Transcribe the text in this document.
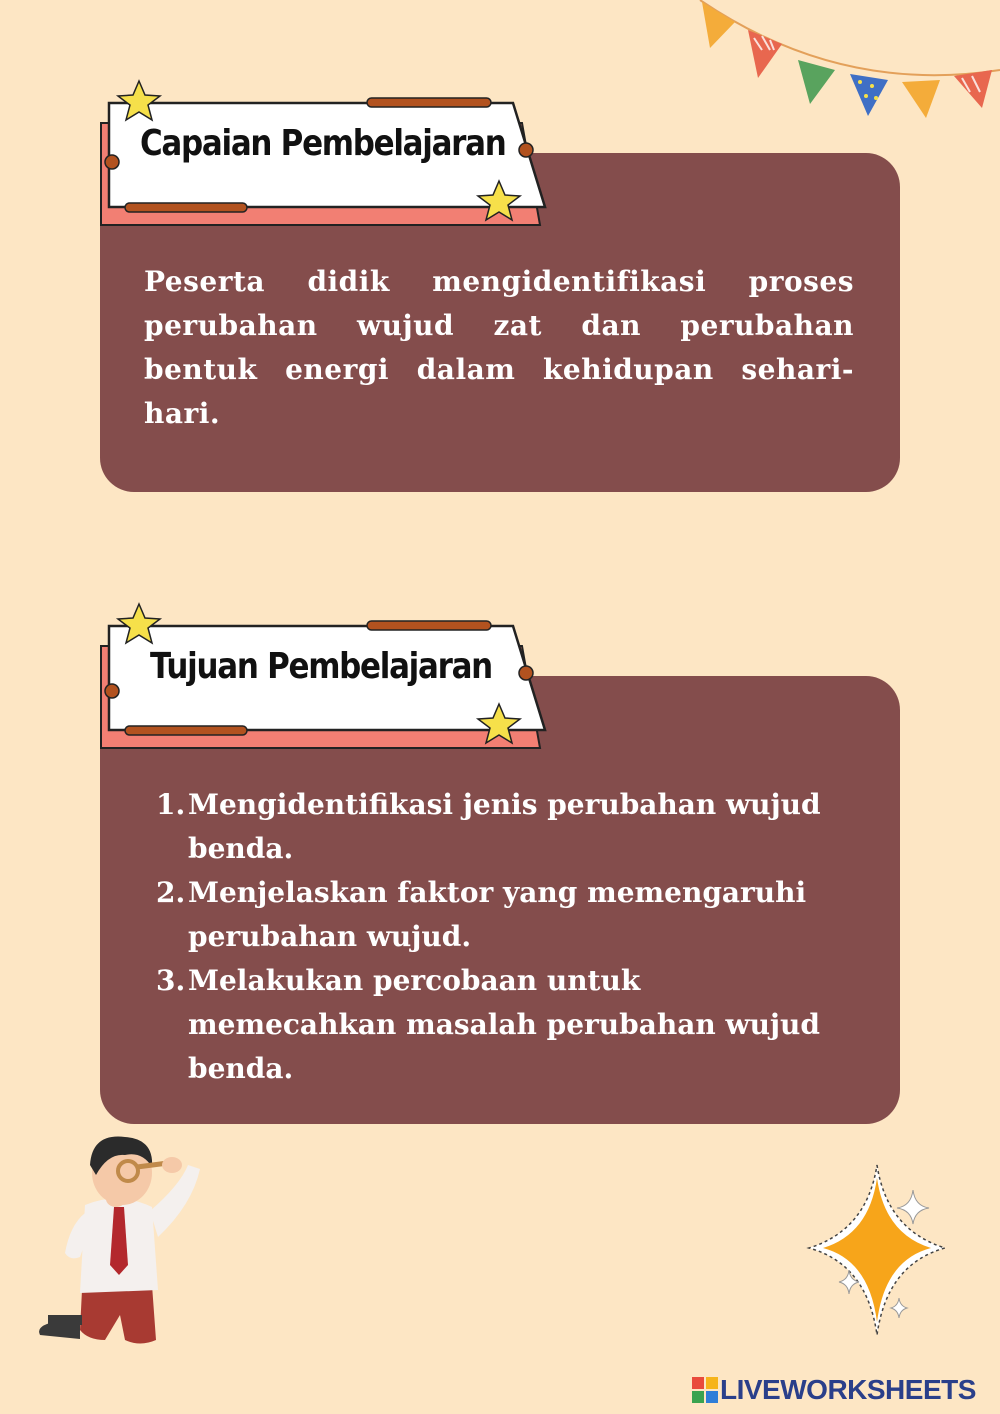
Peserta didik mengidentifikasi proses perubahan wujud zat dan perubahan bentuk energi dalam kehidupan sehari-hari.
Capaian Pembelajaran
1. Mengidentifikasi jenis perubahan wujud benda.
2. Menjelaskan faktor yang memengaruhi perubahan wujud.
3. Melakukan percobaan untuk memecahkan masalah perubahan wujud benda.
Tujuan Pembelajaran
LIVEWORKSHEETS
